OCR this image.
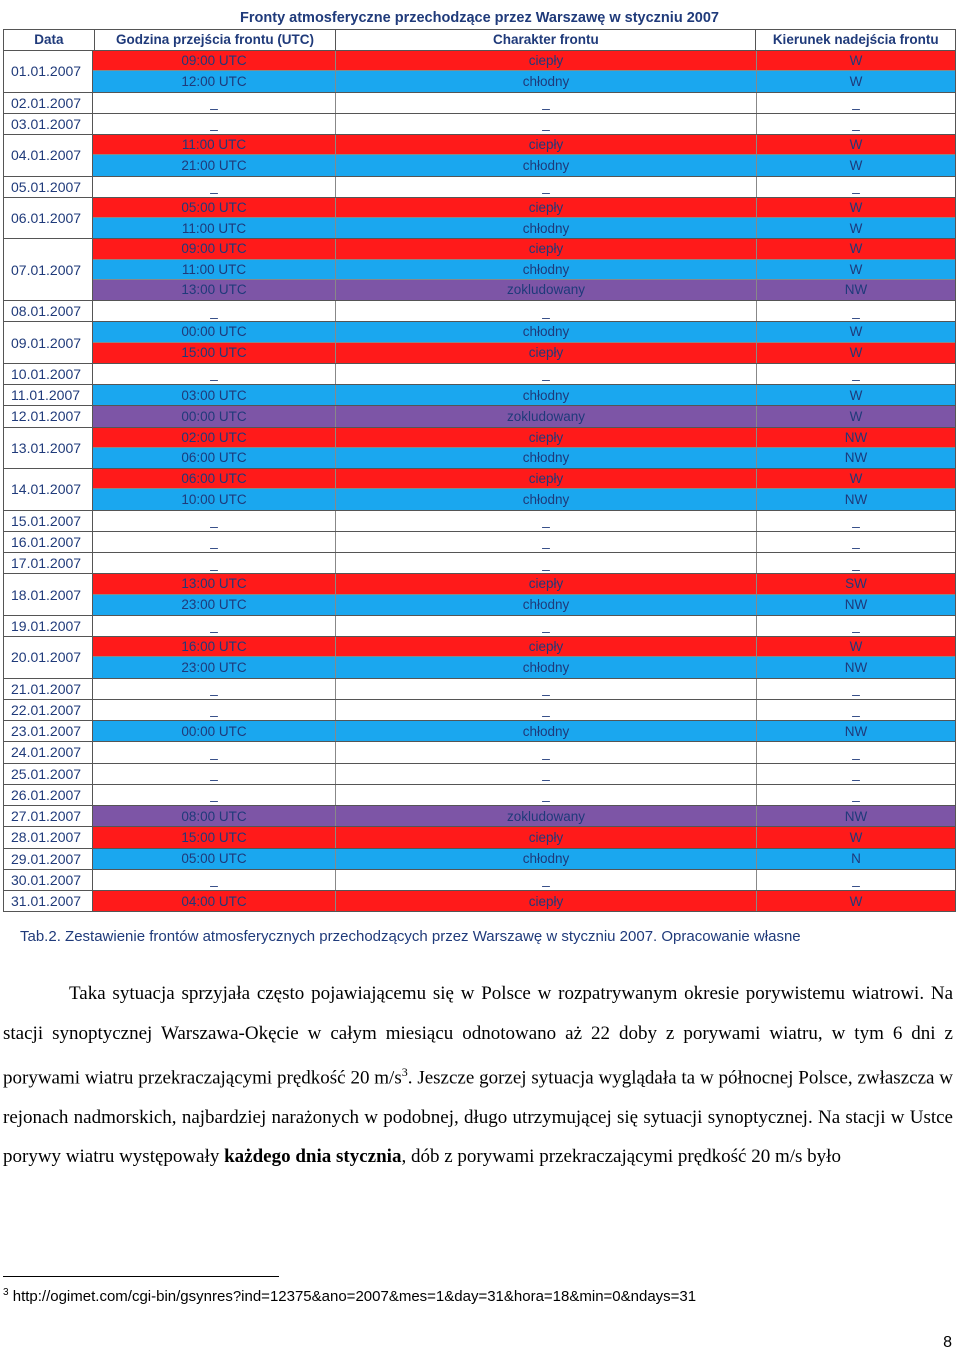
Fronty atmosferyczne przechodzące przez Warszawę w styczniu 2007
Data	Godzina przejścia frontu (UTC)	Charakter frontu	Kierunek nadejścia frontu
01.01.2007
09:00 UTC	ciepły	W
12:00 UTC	chłodny	W
02.01.2007	_	_	_
03.01.2007	_	_	_
04.01.2007
11:00 UTC	ciepły	W
21:00 UTC	chłodny	W
05.01.2007	_	_	_
06.01.2007
05:00 UTC	ciepły	W
11:00 UTC	chłodny	W
07.01.2007
09:00 UTC	ciepły	W
11:00 UTC	chłodny	W
13:00 UTC	zokludowany	NW
08.01.2007	_	_	_
09.01.2007
00:00 UTC	chłodny	W
15:00 UTC	ciepły	W
10.01.2007	_	_	_
11.01.2007	03:00 UTC	chłodny	W
12.01.2007	00:00 UTC	zokludowany	W
13.01.2007
02:00 UTC	ciepły	NW
06:00 UTC	chłodny	NW
14.01.2007
06:00 UTC	ciepły	W
10:00 UTC	chłodny	NW
15.01.2007	_	_	_
16.01.2007	_	_	_
17.01.2007	_	_	_
18.01.2007
13:00 UTC	ciepły	SW
23:00 UTC	chłodny	NW
19.01.2007	_	_	_
20.01.2007
16:00 UTC	ciepły	W
23:00 UTC	chłodny	NW
21.01.2007	_	_	_
22.01.2007	_	_	_
23.01.2007	00:00 UTC	chłodny	NW
24.01.2007	_	_	_
25.01.2007	_	_	_
26.01.2007	_	_	_
27.01.2007	08:00 UTC	zokludowany	NW
28.01.2007	15:00 UTC	ciepły	W
29.01.2007	05:00 UTC	chłodny	N
30.01.2007	_	_	_
31.01.2007	04:00 UTC	ciepły	W
Tab.2. Zestawienie frontów atmosferycznych przechodzących przez Warszawę w styczniu 2007. Opracowanie własne

Taka sytuacja sprzyjała często pojawiającemu się w Polsce w rozpatrywanym okresie porywistemu wiatrowi. Na stacji synoptycznej Warszawa-Okęcie w całym miesiącu odnotowano aż 22 doby z porywami wiatru, w tym 6 dni z porywami wiatru przekraczającymi prędkość 20 $m/s^3$. Jeszcze gorzej sytuacja wyglądała ta w północnej Polsce, zwłaszcza w rejonach nadmorskich, najbardziej narażonych w podobnej, długo utrzymującej się sytuacji synoptycznej. Na stacji w Ustce porywy wiatru występowały każdego dnia stycznia, dób z porywami przekraczającymi prędkość 20 m/s było

$^3$ http://ogimet.com/cgi-bin/gsynres?ind=12375&ano=2007&mes=1&day=31&hora=18&min=0&ndays=31
8
